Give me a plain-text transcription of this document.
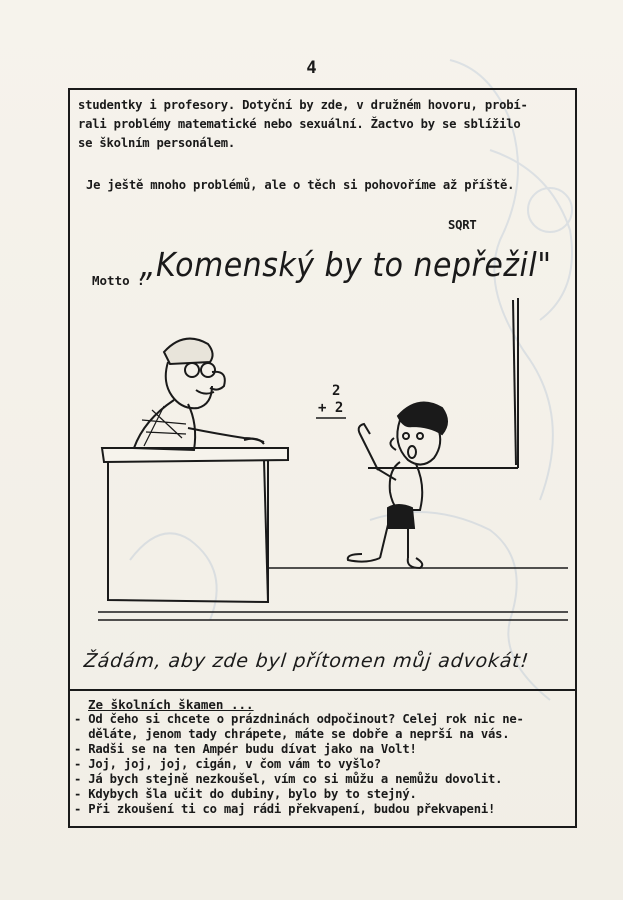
4
studentky i profesory. Dotyční by zde, v družném hovoru, probí-
rali problémy matematické nebo sexuální. Žactvo by se sblížilo
se školním personálem.
Je ještě mnoho problémů, ale o těch si pohovoříme až příště.
SQRT
Motto :
„Komenský by to nepřežil"
2
+ 2
Žádám, aby zde byl přítomen můj advokát!
Ze školních škamen ...
- Od čeho si chcete o prázdninách odpočinout? Celej rok nic ne-
děláte, jenom tady chrápete, máte se dobře a neprší na vás.
- Radši se na ten Ampér budu dívat jako na Volt!
- Joj, joj, joj, cigán, v čom vám to vyšlo?
- Já bych stejně nezkoušel, vím co si můžu a nemůžu dovolit.
- Kdybych šla učit do dubiny, bylo by to stejný.
- Při zkoušení ti co maj rádi překvapení, budou překvapeni!
